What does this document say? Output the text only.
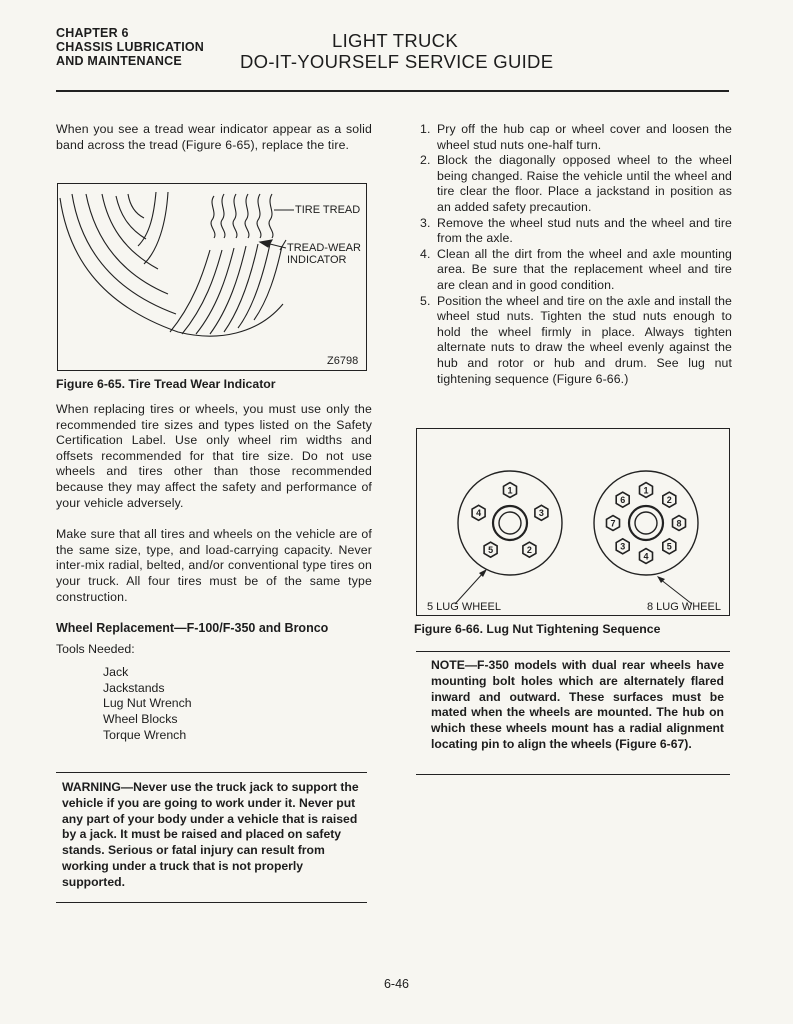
CHAPTER 6
CHASSIS LUBRICATION
AND MAINTENANCE
LIGHT TRUCK
DO-IT-YOURSELF SERVICE GUIDE

When you see a tread wear indicator appear as a solid band across the tread (Figure 6-65), replace the tire.

TIRE TREAD
TREAD-WEAR
INDICATOR
Z6798
Figure 6-65. Tire Tread Wear Indicator

When replacing tires or wheels, you must use only the recommended tire sizes and types listed on the Safety Certification Label. Use only wheel rim widths and offsets recommended for that tire size. Do not use wheels and tires other than those recommended because they may affect the safety and performance of your vehicle adversely.

Make sure that all tires and wheels on the vehicle are of the same size, type, and load-carrying capacity. Never inter-mix radial, belted, and/or conventional type tires on your truck. All four tires must be of the same type construction.

Wheel Replacement—F-100/F-350 and Bronco
Tools Needed:
Jack
Jackstands
Lug Nut Wrench
Wheel Blocks
Torque Wrench

WARNING—Never use the truck jack to support the vehicle if you are going to work under it. Never put any part of your body under a vehicle that is raised by a jack. It must be raised and placed on safety stands. Serious or fatal injury can result from working under a truck that is not properly supported.

1. Pry off the hub cap or wheel cover and loosen the wheel stud nuts one-half turn.
2. Block the diagonally opposed wheel to the wheel being changed. Raise the vehicle until the wheel and tire clear the floor. Place a jackstand in position as an added safety precaution.
3. Remove the wheel stud nuts and the wheel and tire from the axle.
4. Clean all the dirt from the wheel and axle mounting area. Be sure that the replacement wheel and tire are clean and in good condition.
5. Position the wheel and tire on the axle and install the wheel stud nuts. Tighten the stud nuts enough to hold the wheel firmly in place. Always tighten alternate nuts to draw the wheel evenly against the hub and rotor or hub and drum. See lug nut tightening sequence (Figure 6-66.)
1
4	3
5	2
1
6	2
7	8
3	5
4
5 LUG WHEEL	8 LUG WHEEL
Figure 6-66. Lug Nut Tightening Sequence

NOTE—F-350 models with dual rear wheels have mounting bolt holes which are alternately flared inward and outward. These surfaces must be mated when the wheels are mounted. The hub on which these wheels mount has a radial alignment locating pin to align the wheels (Figure 6-67).

6-46
